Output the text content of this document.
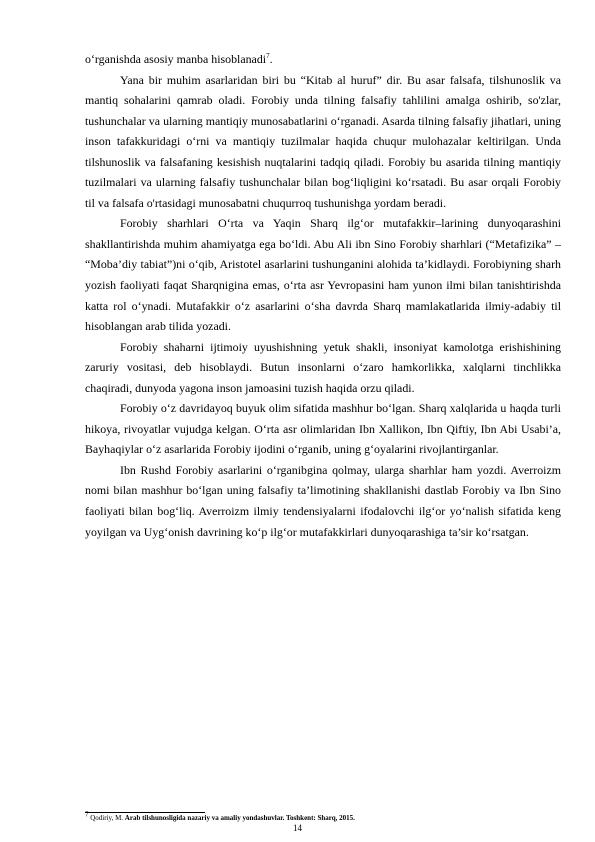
o‘rganishda asosiy manba hisoblanadi$^7$.

Yana bir muhim asarlaridan biri bu “Kitab al huruf” dir. Bu asar falsafa, tilshunoslik va mantiq sohalarini qamrab oladi. Forobiy unda tilning falsafiy tahlilini amalga oshirib, so'zlar, tushunchalar va ularning mantiqiy munosabatlarini o‘rganadi. Asarda tilning falsafiy jihatlari, uning inson tafakkuridagi o‘rni va mantiqiy tuzilmalar haqida chuqur mulohazalar keltirilgan. Unda tilshunoslik va falsafaning kesishish nuqtalarini tadqiq qiladi. Forobiy bu asarida tilning mantiqiy tuzilmalari va ularning falsafiy tushunchalar bilan bog‘liqligini ko‘rsatadi. Bu asar orqali Forobiy til va falsafa o'rtasidagi munosabatni chuqurroq tushunishga yordam beradi.

Forobiy sharhlari O‘rta va Yaqin Sharq ilg‘or mutafakkir–larining dunyoqarashini shakllantirishda muhim ahamiyatga ega bo‘ldi. Abu Ali ibn Sino Forobiy sharhlari (“Metafizika” – “Moba’diy tabiat”)ni o‘qib, Aristotel asarlarini tushunganini alohida ta’kidlaydi. Forobiyning sharh yozish faoliyati faqat Sharqnigina emas, o‘rta asr Yevropasini ham yunon ilmi bilan tanishtirishda katta rol o‘ynadi. Mutafakkir o‘z asarlarini o‘sha davrda Sharq mamlakatlarida ilmiy-adabiy til hisoblangan arab tilida yozadi.

Forobiy shaharni ijtimoiy uyushishning yetuk shakli, insoniyat kamolotga erishishining zaruriy vositasi, deb hisoblaydi. Butun insonlarni o‘zaro hamkorlikka, xalqlarni tinchlikka chaqiradi, dunyoda yagona inson jamoasini tuzish haqida orzu qiladi.

Forobiy o‘z davridayoq buyuk olim sifatida mashhur bo‘lgan. Sharq xalqlarida u haqda turli hikoya, rivoyatlar vujudga kelgan. O‘rta asr olimlaridan Ibn Xallikon, Ibn Qiftiy, Ibn Abi Usabi’a, Bayhaqiylar o‘z asarlarida Forobiy ijodini o‘rganib, uning g‘oyalarini rivojlantirganlar.

Ibn Rushd Forobiy asarlarini o‘rganibgina qolmay, ularga sharhlar ham yozdi. Averroizm nomi bilan mashhur bo‘lgan uning falsafiy ta’limotining shakllanishi dastlab Forobiy va Ibn Sino faoliyati bilan bog‘liq. Averroizm ilmiy tendensiyalarni ifodalovchi ilg‘or yo‘nalish sifatida keng yoyilgan va Uyg‘onish davrining ko‘p ilg‘or mutafakkirlari dunyoqarashiga ta’sir ko‘rsatgan.

$^7$ Qodiriy, M. Arab tilshunosligida nazariy va amaliy yondashuvlar. Toshkent: Sharq, 2015.
14
